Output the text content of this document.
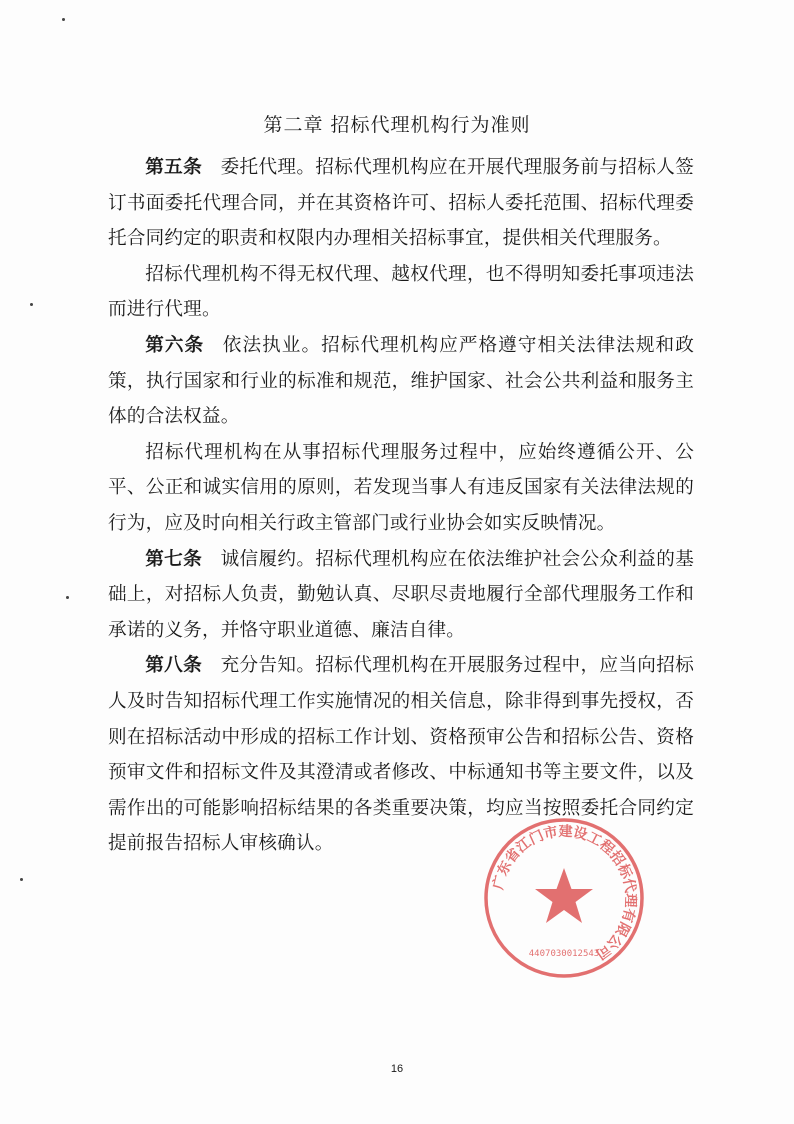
第二章 招标代理机构行为准则

第五条 委托代理。招标代理机构应在开展代理服务前与招标人签订书面委托代理合同，并在其资格许可、招标人委托范围、招标代理委托合同约定的职责和权限内办理相关招标事宜，提供相关代理服务。

招标代理机构不得无权代理、越权代理，也不得明知委托事项违法而进行代理。

第六条 依法执业。招标代理机构应严格遵守相关法律法规和政策，执行国家和行业的标准和规范，维护国家、社会公共利益和服务主体的合法权益。

招标代理机构在从事招标代理服务过程中，应始终遵循公开、公平、公正和诚实信用的原则，若发现当事人有违反国家有关法律法规的行为，应及时向相关行政主管部门或行业协会如实反映情况。

第七条 诚信履约。招标代理机构应在依法维护社会公众利益的基础上，对招标人负责，勤勉认真、尽职尽责地履行全部代理服务工作和承诺的义务，并恪守职业道德、廉洁自律。

第八条 充分告知。招标代理机构在开展服务过程中，应当向招标人及时告知招标代理工作实施情况的相关信息，除非得到事先授权，否则在招标活动中形成的招标工作计划、资格预审公告和招标公告、资格预审文件和招标文件及其澄清或者修改、中标通知书等主要文件，以及需作出的可能影响招标结果的各类重要决策，均应当按照委托合同约定提前报告招标人审核确认。

广东省江门市建设工程招标代理有限公司
4407030012543
16
